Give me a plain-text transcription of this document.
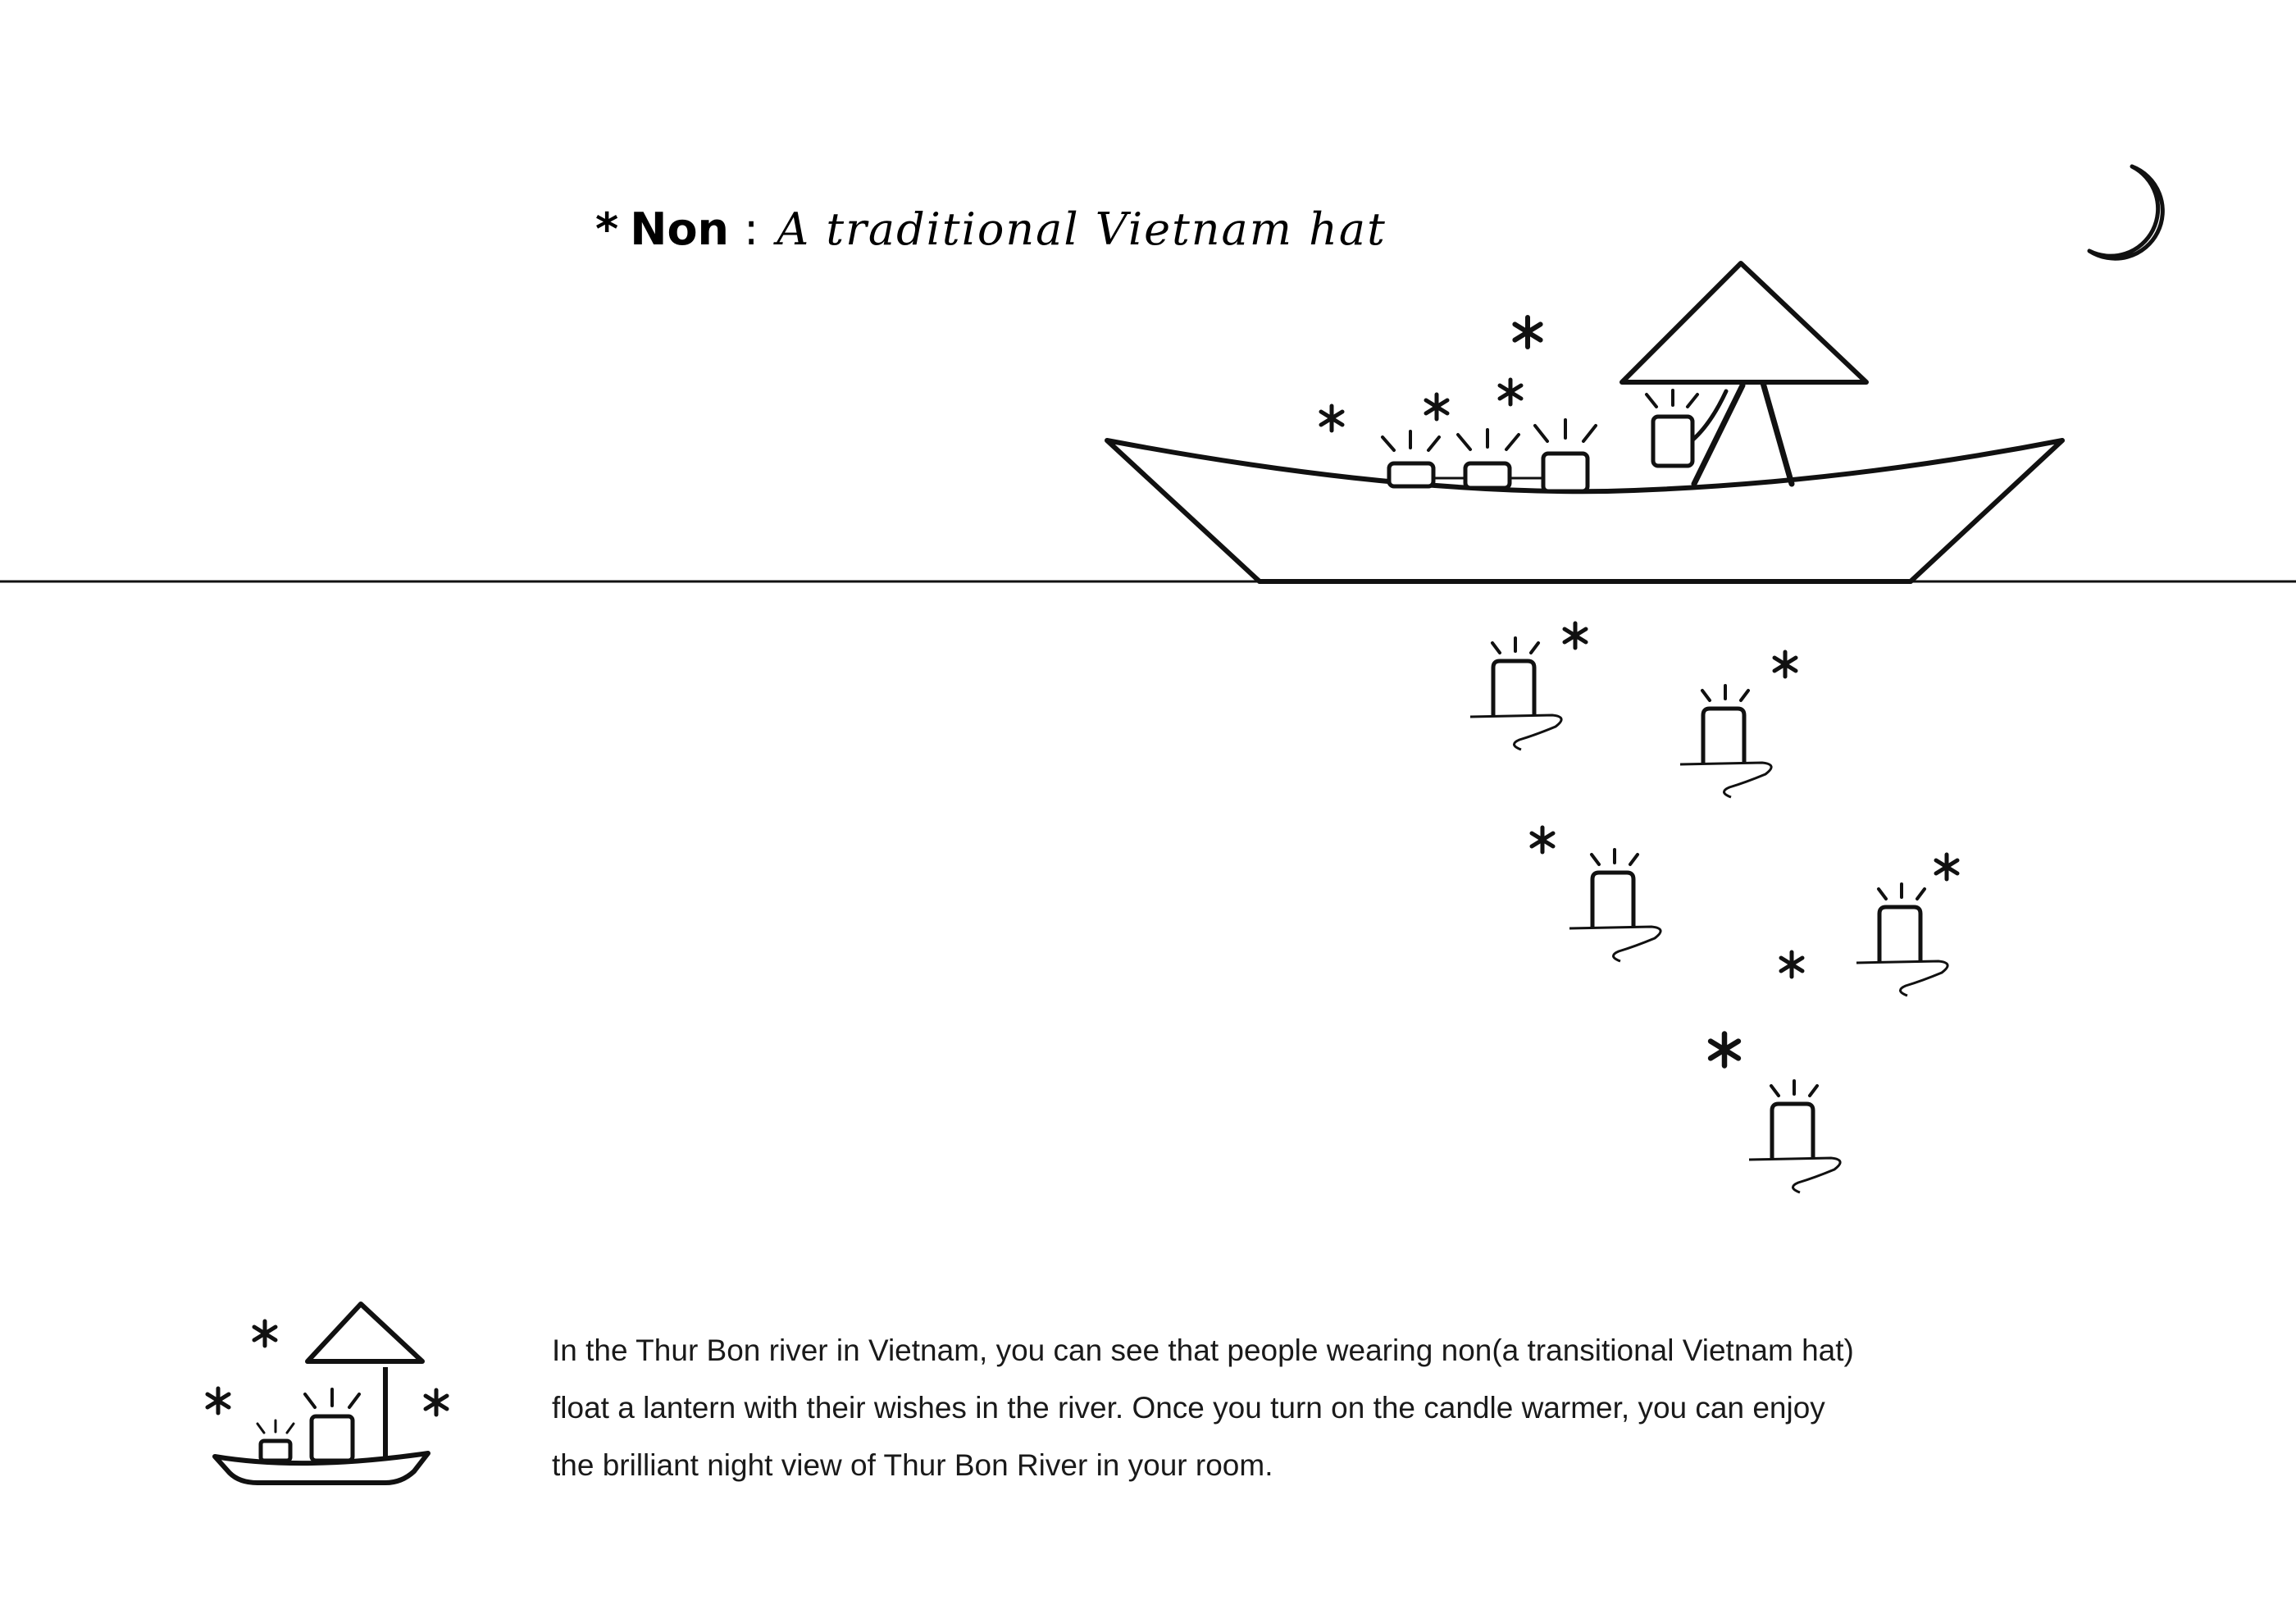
* Non : A traditional Vietnam hat
In the Thur Bon river in Vietnam, you can see that people wearing non(a transitional Vietnam hat)
float a lantern with their wishes in the river. Once you turn on the candle warmer, you can enjoy
the brilliant night view of Thur Bon River in your room.
